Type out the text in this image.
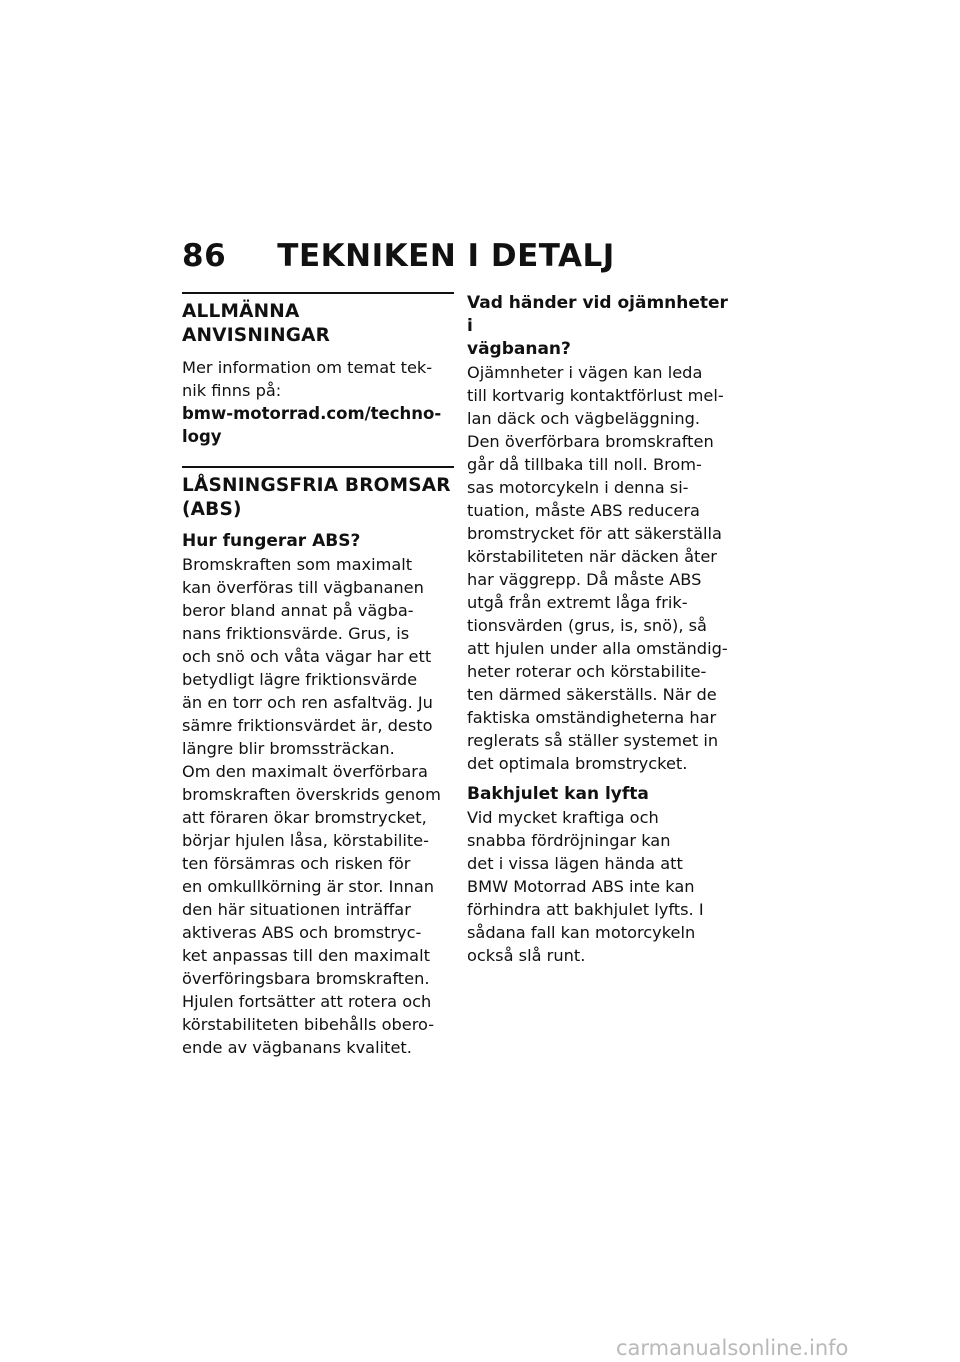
86 TEKNIKEN I DETALJ
ALLMÄNNA ANVISNINGAR

Mer information om temat tek-
nik finns på:

bmw-motorrad.com/techno-
logy

LÅSNINGSFRIA BROMSAR
(ABS)

Hur fungerar ABS?

Bromskraften som maximalt
kan överföras till vägbananen
beror bland annat på vägba-
nans friktionsvärde. Grus, is
och snö och våta vägar har ett
betydligt lägre friktionsvärde
än en torr och ren asfaltväg. Ju
sämre friktionsvärdet är, desto
längre blir bromssträckan.

Om den maximalt överförbara
bromskraften överskrids genom
att föraren ökar bromstrycket,
börjar hjulen låsa, körstabilite-
ten försämras och risken för
en omkullkörning är stor. Innan
den här situationen inträffar
aktiveras ABS och bromstryc-
ket anpassas till den maximalt
överföringsbara bromskraften.
Hjulen fortsätter att rotera och
körstabiliteten bibehålls obero-
ende av vägbanans kvalitet.

Vad händer vid ojämnheter i
vägbanan?

Ojämnheter i vägen kan leda
till kortvarig kontaktförlust mel-
lan däck och vägbeläggning.
Den överförbara bromskraften
går då tillbaka till noll. Brom-
sas motorcykeln i denna si-
tuation, måste ABS reducera
bromstrycket för att säkerställa
körstabiliteten när däcken åter
har väggrepp. Då måste ABS
utgå från extremt låga frik-
tionsvärden (grus, is, snö), så
att hjulen under alla omständig-
heter roterar och körstabilite-
ten därmed säkerställs. När de
faktiska omständigheterna har
reglerats så ställer systemet in
det optimala bromstrycket.

Bakhjulet kan lyfta

Vid mycket kraftiga och
snabba fördröjningar kan
det i vissa lägen hända att
BMW Motorrad ABS inte kan
förhindra att bakhjulet lyfts. I
sådana fall kan motorcykeln
också slå runt.

carmanualsonline.info
